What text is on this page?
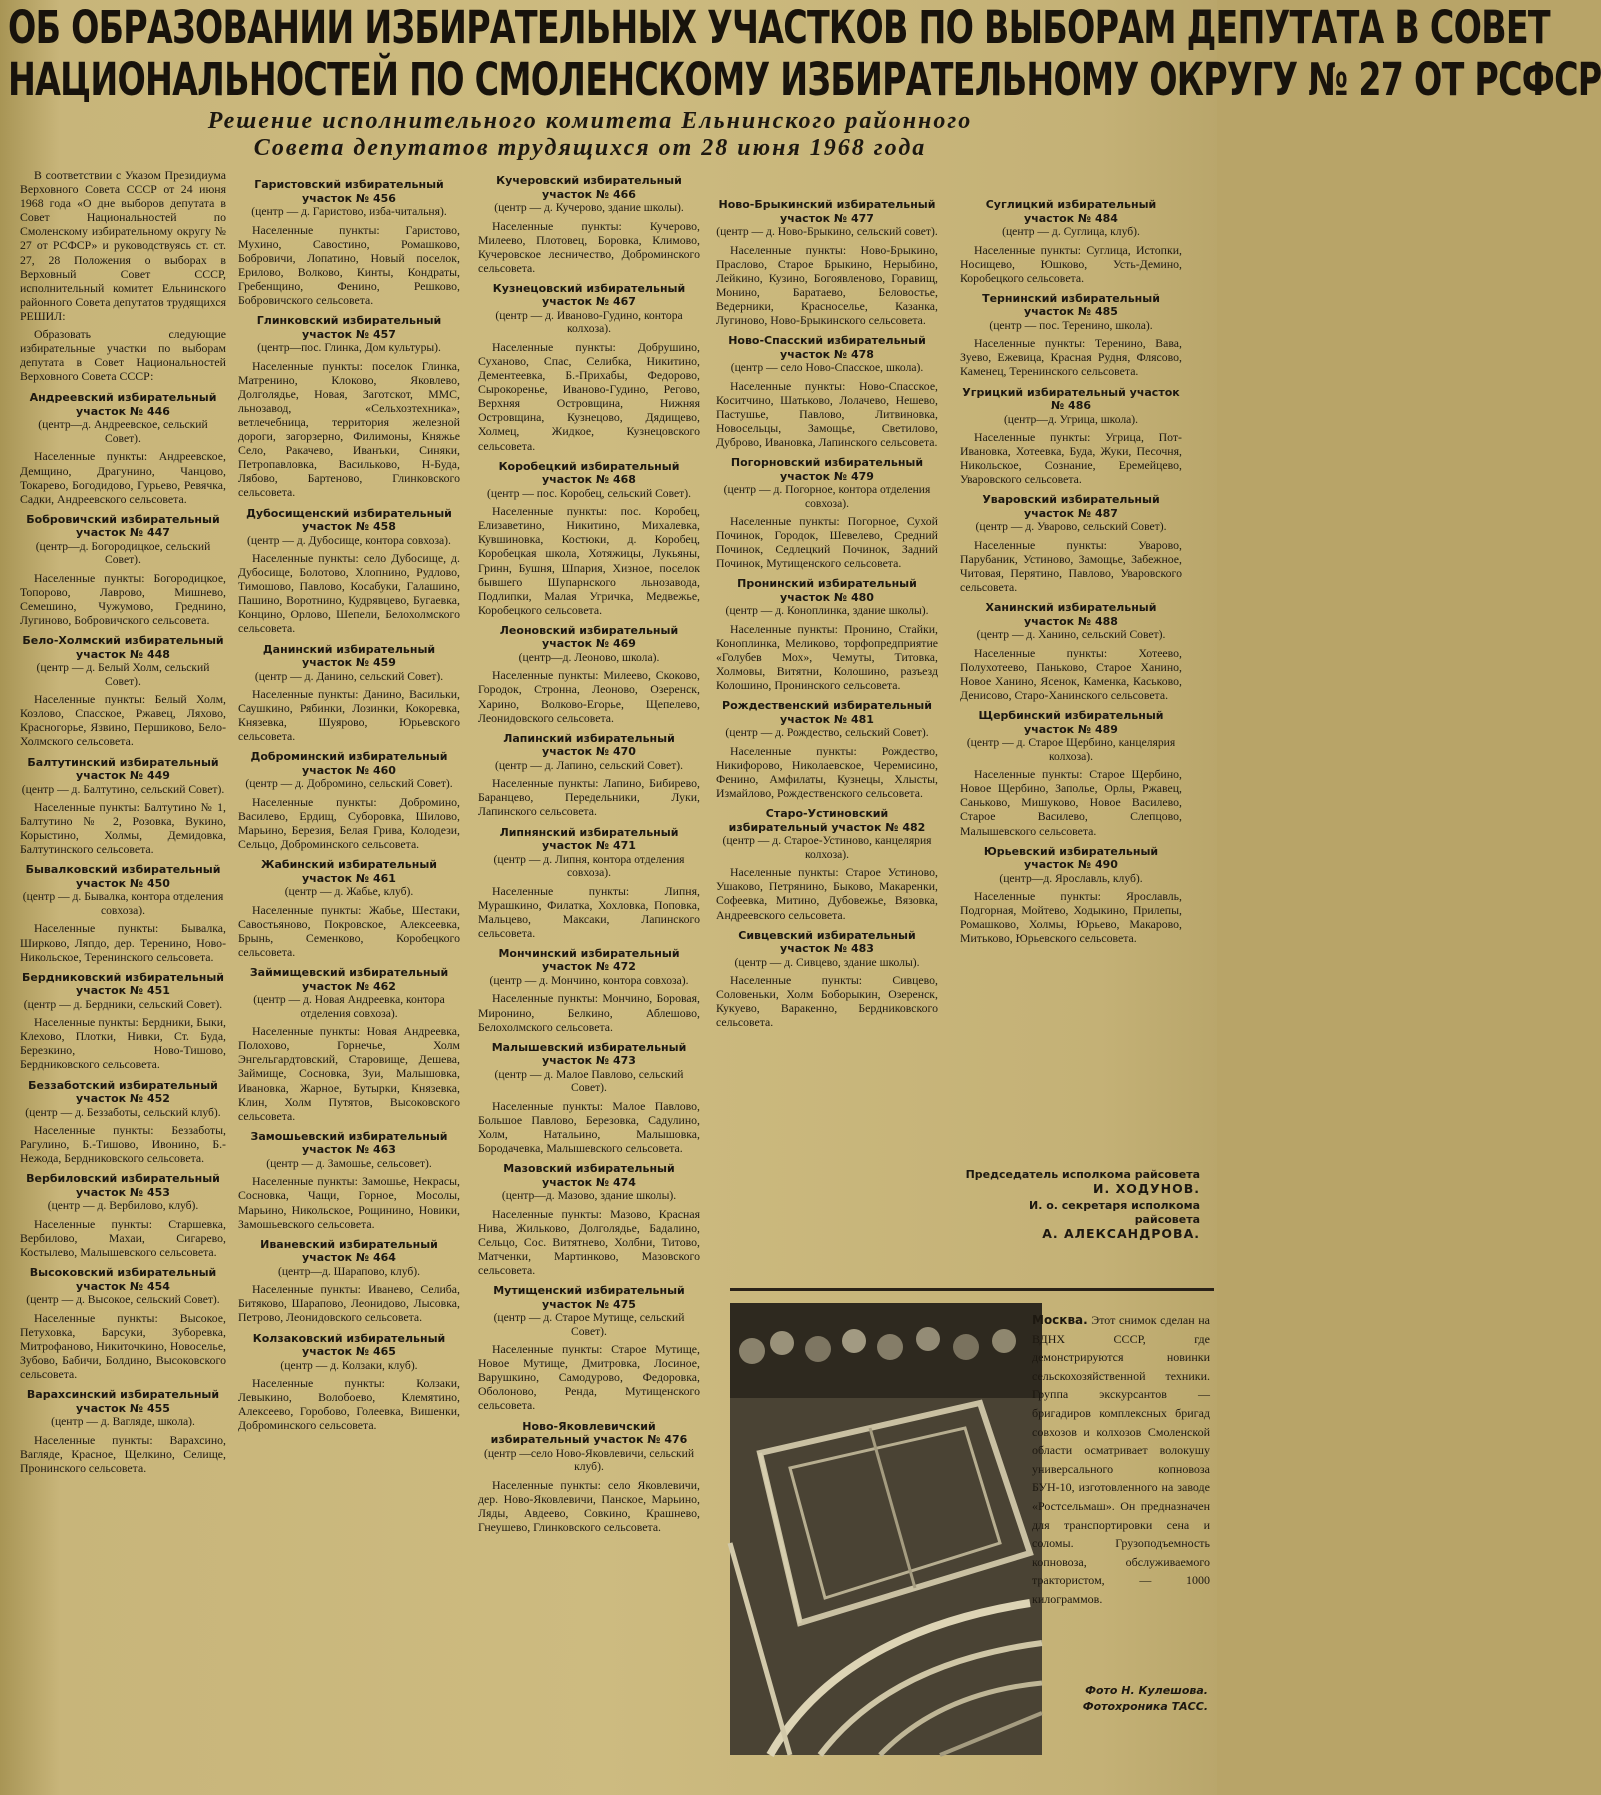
ОБ ОБРАЗОВАНИИ ИЗБИРАТЕЛЬНЫХ УЧАСТКОВ ПО ВЫБОРАМ ДЕПУТАТА В СОВЕТ
НАЦИОНАЛЬНОСТЕЙ ПО СМОЛЕНСКОМУ ИЗБИРАТЕЛЬНОМУ ОКРУГУ № 27 ОТ РСФСР
Решение исполнительного комитета Ельнинского районного
Совета депутатов трудящихся от 28 июня 1968 года

В соответствии с Указом Президиума Верховного Совета СССР от 24 июня 1968 года «О дне выборов депутата в Совет Национальностей по Смоленскому избирательному округу № 27 от РСФСР» и руководствуясь ст. ст. 27, 28 Положения о выборах в Верховный Совет СССР, исполнительный комитет Ельнинского районного Совета депутатов трудящихся РЕШИЛ:

Образовать следующие избирательные участки по выборам депутата в Совет Национальностей Верховного Совета СССР:

Андреевский избирательный участок № 446
(центр—д. Андреевское, сельский Совет).
Населенные пункты: Андреевское, Демщино, Драгунино, Чанцово, Токарево, Богодидово, Гурьево, Ревячка, Садки, Андреевского сельсовета.
Бобровичский избирательный участок № 447
(центр—д. Богородицкое, сельский Совет).
Населенные пункты: Богородицкое, Топорово, Лаврово, Мишнево, Семешино, Чужумово, Греднино, Лугиново, Бобровичского сельсовета.
Бело-Холмский избирательный участок № 448
(центр — д. Белый Холм, сельский Совет).
Населенные пункты: Белый Холм, Козлово, Спасское, Ржавец, Ляхово, Красногорье, Язвино, Першиково, Бело-Холмского сельсовета.
Балтутинский избирательный участок № 449
(центр — д. Балтутино, сельский Совет).
Населенные пункты: Балтутино № 1, Балтутино № 2, Розовка, Вукино, Корыстино, Холмы, Демидовка, Балтутинского сельсовета.
Бывалковский избирательный участок № 450
(центр — д. Бывалка, контора отделения совхоза).
Населенные пункты: Бывалка, Ширково, Ляпдо, дер. Теренино, Ново-Никольское, Теренинского сельсовета.
Бердниковский избирательный участок № 451
(центр — д. Бердники, сельский Совет).
Населенные пункты: Бердники, Быки, Клехово, Плотки, Нивки, Ст. Буда, Березкино, Ново-Тишово, Бердниковского сельсовета.
Беззаботский избирательный участок № 452
(центр — д. Беззаботы, сельский клуб).
Населенные пункты: Беззаботы, Рагулино, Б.-Тишово, Ивонино, Б.-Нежода, Бердниковского сельсовета.
Вербиловский избирательный участок № 453
(центр — д. Вербилово, клуб).
Населенные пункты: Старшевка, Вербилово, Махаи, Сигарево, Костылево, Малышевского сельсовета.
Высоковский избирательный участок № 454
(центр — д. Высокое, сельский Совет).
Населенные пункты: Высокое, Петуховка, Барсуки, Зуборевка, Митрофаново, Никиточкино, Новоселье, Зубово, Бабичи, Болдино, Высоковского сельсовета.
Варахсинский избирательный участок № 455
(центр — д. Вагляде, школа).
Населенные пункты: Варахсино, Вагляде, Красное, Щелкино, Селище, Пронинского сельсовета.
Гаристовский избирательный участок № 456
(центр — д. Гаристово, изба-читальня).
Населенные пункты: Гаристово, Мухино, Савостино, Ромашково, Бобровичи, Лопатино, Новый поселок, Ерилово, Волково, Кинты, Кондраты, Гребенщино, Фенино, Решково, Бобровичского сельсовета.
Глинковский избирательный участок № 457
(центр—пос. Глинка, Дом культуры).
Населенные пункты: поселок Глинка, Матренино, Клоково, Яковлево, Долголядье, Новая, Заготскот, ММС, льнозавод, «Сельхозтехника», ветлечебница, территория железной дороги, загорзерно, Филимоны, Княжье Село, Ракачево, Иванъки, Синяки, Петропавловка, Васильково, Н-Буда, Лябово, Бартеново, Глинковского сельсовета.
Дубосищенский избирательный участок № 458
(центр — д. Дубосище, контора совхоза).
Населенные пункты: село Дубосище, д. Дубосище, Болотово, Хлопнино, Рудлово, Тимошово, Павлово, Косабуки, Галашино, Пашино, Воротнино, Кудрявцево, Бугаевка, Концино, Орлово, Шепели, Белохолмского сельсовета.
Данинский избирательный участок № 459
(центр — д. Данино, сельский Совет).
Населенные пункты: Данино, Васильки, Саушкино, Рябинки, Лозинки, Кокоревка, Князевка, Шуярово, Юрьевского сельсовета.
Доброминский избирательный участок № 460
(центр — д. Добромино, сельский Совет).
Населенные пункты: Добромино, Василево, Ердищ, Суборовка, Шилово, Марьино, Березия, Белая Грива, Колодези, Сельцо, Доброминского сельсовета.
Жабинский избирательный участок № 461
(центр — д. Жабье, клуб).
Населенные пункты: Жабье, Шестаки, Савостьяново, Покровское, Алексеевка, Брынь, Семенково, Коробецкого сельсовета.
Займищевский избирательный участок № 462
(центр — д. Новая Андреевка, контора отделения совхоза).
Населенные пункты: Новая Андреевка, Полохово, Горнечье, Холм Энгельгардтовский, Старовище, Дешева, Займище, Сосновка, Зуи, Малышовка, Ивановка, Жарное, Бутырки, Князевка, Клин, Холм Путятов, Высоковского сельсовета.
Замошьевский избирательный участок № 463
(центр — д. Замошье, сельсовет).
Населенные пункты: Замошье, Некрасы, Сосновка, Чащи, Горное, Мосолы, Марьино, Никольское, Рощинино, Новики, Замошьевского сельсовета.
Иваневский избирательный участок № 464
(центр—д. Шарапово, клуб).
Населенные пункты: Иванево, Селиба, Битяково, Шарапово, Леонидово, Лысовка, Петрово, Леонидовского сельсовета.
Колзаковский избирательный участок № 465
(центр — д. Колзаки, клуб).
Населенные пункты: Колзаки, Левыкино, Волобоево, Клемятино, Алексеево, Горобово, Голеевка, Вишенки, Доброминского сельсовета.
Кучеровский избирательный участок № 466
(центр — д. Кучерово, здание школы).
Населенные пункты: Кучерово, Милеево, Плотовец, Боровка, Климово, Кучеровское лесничество, Доброминского сельсовета.
Кузнецовский избирательный участок № 467
(центр — д. Иваново-Гудино, контора колхоза).
Населенные пункты: Добрушино, Суханово, Спас, Селибка, Никитино, Дементеевка, Б.-Прихабы, Федорово, Сырокоренье, Иваново-Гудино, Регово, Верхняя Островщина, Нижняя Островщина, Кузнецово, Дядищево, Холмец, Жидкое, Кузнецовского сельсовета.
Коробецкий избирательный участок № 468
(центр — пос. Коробец, сельский Совет).
Населенные пункты: пос. Коробец, Елизаветино, Никитино, Михалевка, Кувшиновка, Костюки, д. Коробец, Коробецкая школа, Хотяжицы, Лукьяны, Гринн, Бушня, Шпария, Хизное, поселок бывшего Шупарнского льнозавода, Подлипки, Малая Угричка, Медвежье, Коробецкого сельсовета.
Леоновский избирательный участок № 469
(центр—д. Леоново, школа).
Населенные пункты: Милеево, Скоково, Городок, Стронна, Леоново, Озеренск, Харино, Волково-Егорье, Щепелево, Леонидовского сельсовета.
Лапинский избирательный участок № 470
(центр — д. Лапино, сельский Совет).
Населенные пункты: Лапино, Бибирево, Баранцево, Передельники, Луки, Лапинского сельсовета.
Липнянский избирательный участок № 471
(центр — д. Липня, контора отделения совхоза).
Населенные пункты: Липня, Мурашкино, Филатка, Хохловка, Поповка, Мальцево, Максаки, Лапинского сельсовета.
Мончинский избирательный участок № 472
(центр — д. Мончино, контора совхоза).
Населенные пункты: Мончино, Боровая, Миронино, Белкино, Аблешово, Белохолмского сельсовета.
Малышевский избирательный участок № 473
(центр — д. Малое Павлово, сельский Совет).
Населенные пункты: Малое Павлово, Большое Павлово, Березовка, Садулино, Холм, Натальино, Малышовка, Бородачевка, Малышевского сельсовета.
Мазовский избирательный участок № 474
(центр—д. Мазово, здание школы).
Населенные пункты: Мазово, Красная Нива, Жильково, Долголядье, Бадалино, Сельцо, Сос. Витятнево, Холбни, Титово, Матченки, Мартинково, Мазовского сельсовета.
Мутищенский избирательный участок № 475
(центр — д. Старое Мутище, сельский Совет).
Населенные пункты: Старое Мутище, Новое Мутище, Дмитровка, Лосиное, Варушкино, Самодурово, Федоровка, Оболоново, Ренда, Мутищенского сельсовета.
Ново-Яковлевичский избирательный участок № 476
(центр —село Ново-Яковлевичи, сельский клуб).
Населенные пункты: село Яковлевичи, дер. Ново-Яковлевичи, Панское, Марьино, Ляды, Авдеево, Совкино, Крашнево, Гнеушево, Глинковского сельсовета.
Ново-Брыкинский избирательный участок № 477
(центр — д. Ново-Брыкино, сельский совет).
Населенные пункты: Ново-Брыкино, Праслово, Старое Брыкино, Нерыбино, Лейкино, Кузино, Богоявленово, Горавищ, Монино, Баратаево, Беловостье, Ведерники, Красноселье, Казанка, Лугиново, Ново-Брыкинского сельсовета.
Ново-Спасский избирательный участок № 478
(центр — село Ново-Спасское, школа).
Населенные пункты: Ново-Спасское, Коситчино, Шатьково, Лолачево, Нешево, Пастушье, Павлово, Литвиновка, Новосельцы, Замощье, Светилово, Дуброво, Ивановка, Лапинского сельсовета.
Погорновский избирательный участок № 479
(центр — д. Погорное, контора отделения совхоза).
Населенные пункты: Погорное, Сухой Починок, Городок, Шевелево, Средний Починок, Седлецкий Починок, Задний Починок, Мутищенского сельсовета.
Пронинский избирательный участок № 480
(центр — д. Коноплинка, здание школы).
Населенные пункты: Пронино, Стайки, Коноплинка, Меликово, торфопредприятие «Голубев Мох», Чемуты, Титовка, Холмовы, Витятни, Колошино, разъезд Колошино, Пронинского сельсовета.
Рождественский избирательный участок № 481
(центр — д. Рождество, сельский Совет).
Населенные пункты: Рождество, Никифорово, Николаевское, Черемисино, Фенино, Амфилаты, Кузнецы, Хлысты, Измайлово, Рождественского сельсовета.
Старо-Устиновский избирательный участок № 482
(центр — д. Старое-Устиново, канцелярия колхоза).
Населенные пункты: Старое Устиново, Ушаково, Петрянино, Быково, Макаренки, Софеевка, Митино, Дубовежье, Вязовка, Андреевского сельсовета.
Сивцевский избирательный участок № 483
(центр — д. Сивцево, здание школы).
Населенные пункты: Сивцево, Соловеньки, Холм Боборыкин, Озеренск, Кукуево, Варакенно, Бердниковского сельсовета.
Суглицкий избирательный участок № 484
(центр — д. Суглица, клуб).
Населенные пункты: Суглица, Истопки, Носищево, Юшково, Усть-Демино, Коробецкого сельсовета.
Тернинский избирательный участок № 485
(центр — пос. Теренино, школа).
Населенные пункты: Теренино, Вава, Зуево, Ежевица, Красная Рудня, Флясово, Каменец, Теренинского сельсовета.
Угрицкий избирательный участок № 486
(центр—д. Угрица, школа).
Населенные пункты: Угрица, Пот-Ивановка, Хотеевка, Буда, Жуки, Песочня, Никольское, Сознание, Еремейцево, Уваровского сельсовета.
Уваровский избирательный участок № 487
(центр — д. Уварово, сельский Совет).
Населенные пункты: Уварово, Парубаник, Устиново, Замощье, Забежное, Читовая, Перятино, Павлово, Уваровского сельсовета.
Ханинский избирательный участок № 488
(центр — д. Ханино, сельский Совет).
Населенные пункты: Хотеево, Полухотеево, Паньково, Старое Ханино, Новое Ханино, Ясенок, Каменка, Каськово, Денисово, Старо-Ханинского сельсовета.
Щербинский избирательный участок № 489
(центр — д. Старое Щербино, канцелярия колхоза).
Населенные пункты: Старое Щербино, Новое Щербино, Заполье, Орлы, Ржавец, Саньково, Мишуково, Новое Василево, Старое Василево, Слепцово, Малышевского сельсовета.
Юрьевский избирательный участок № 490
(центр—д. Ярославль, клуб).
Населенные пункты: Ярославль, Подгорная, Мойтево, Ходыкино, Прилепы, Ромашково, Холмы, Юрьево, Макарово, Митьково, Юрьевского сельсовета.
Председатель исполкома райсовета
И. ХОДУНОВ.
И. о. секретаря исполкома райсовета
А. АЛЕКСАНДРОВА.
Москва. Этот снимок сделан на ВДНХ СССР, где демонстрируются новинки сельскохозяйственной техники. Группа экскурсантов — бригадиров комплексных бригад совхозов и колхозов Смоленской области осматривает волокушу универсального копновоза БУН-10, изготовленного на заводе «Ростсельмаш». Он предназначен для транспортировки сена и соломы. Грузоподъемность копновоза, обслуживаемого трактористом, — 1000 килограммов.
Фото Н. Кулешова.
Фотохроника ТАСС.
